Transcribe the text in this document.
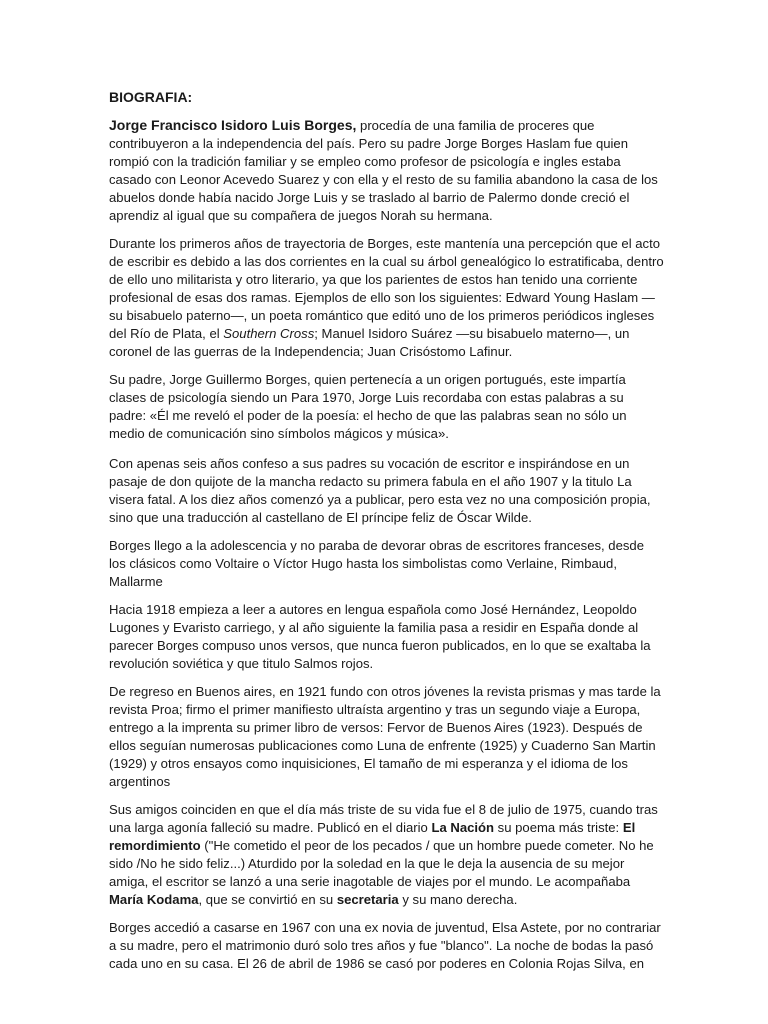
BIOGRAFIA:

Jorge Francisco Isidoro Luis Borges, procedía de una familia de proceres que contribuyeron a la independencia del país. Pero su padre Jorge Borges Haslam fue quien rompió con la tradición familiar y se empleo como profesor de psicología e ingles estaba casado con Leonor Acevedo Suarez y con ella y el resto de su familia abandono la casa de los abuelos donde había nacido Jorge Luis y se traslado al barrio de Palermo donde creció el aprendiz al igual que su compañera de juegos Norah su hermana.

Durante los primeros años de trayectoria de Borges, este mantenía una percepción que el acto de escribir es debido a las dos corrientes en la cual su árbol genealógico lo estratificaba, dentro de ello uno militarista y otro literario, ya que los parientes de estos han tenido una corriente profesional de esas dos ramas. Ejemplos de ello son los siguientes: Edward Young Haslam —su bisabuelo paterno—, un poeta romántico que editó uno de los primeros periódicos ingleses del Río de Plata, el Southern Cross; Manuel Isidoro Suárez —su bisabuelo materno—, un coronel de las guerras de la Independencia; Juan Crisóstomo Lafinur.

Su padre, Jorge Guillermo Borges, quien pertenecía a un origen portugués, este impartía clases de psicología siendo un Para 1970, Jorge Luis recordaba con estas palabras a su padre: «Él me reveló el poder de la poesía: el hecho de que las palabras sean no sólo un medio de comunicación sino símbolos mágicos y música».

Con apenas seis años confeso a sus padres su vocación de escritor e inspirándose en un pasaje de don quijote de la mancha redacto su primera fabula en el año 1907 y la titulo La visera fatal. A los diez años comenzó ya a publicar, pero esta vez no una composición propia, sino que una traducción al castellano de El príncipe feliz de Óscar Wilde.

Borges llego a la adolescencia y no paraba de devorar obras de escritores franceses, desde los clásicos como Voltaire o Víctor Hugo hasta los simbolistas como Verlaine, Rimbaud, Mallarme

Hacia 1918 empieza a leer a autores en lengua española como José Hernández, Leopoldo Lugones y Evaristo carriego, y al año siguiente la familia pasa a residir en España donde al parecer Borges compuso unos versos, que nunca fueron publicados, en lo que se exaltaba la revolución soviética y que titulo Salmos rojos.

De regreso en Buenos aires, en 1921 fundo con otros jóvenes la revista prismas y mas tarde la revista Proa; firmo el primer manifiesto ultraísta argentino y tras un segundo viaje a Europa, entrego a la imprenta su primer libro de versos: Fervor de Buenos Aires (1923). Después de ellos seguían numerosas publicaciones como Luna de enfrente (1925) y Cuaderno San Martin (1929) y otros ensayos como inquisiciones, El tamaño de mi esperanza y el idioma de los argentinos

Sus amigos coinciden en que el día más triste de su vida fue el 8 de julio de 1975, cuando tras una larga agonía falleció su madre. Publicó en el diario La Nación su poema más triste: El remordimiento ("He cometido el peor de los pecados / que un hombre puede cometer. No he sido /No he sido feliz...) Aturdido por la soledad en la que le deja la ausencia de su mejor amiga, el escritor se lanzó a una serie inagotable de viajes por el mundo. Le acompañaba María Kodama, que se convirtió en su secretaria y su mano derecha.

Borges accedió a casarse en 1967 con una ex novia de juventud, Elsa Astete, por no contrariar a su madre, pero el matrimonio duró solo tres años y fue "blanco". La noche de bodas la pasó cada uno en su casa. El 26 de abril de 1986 se casó por poderes en Colonia Rojas Silva, en
